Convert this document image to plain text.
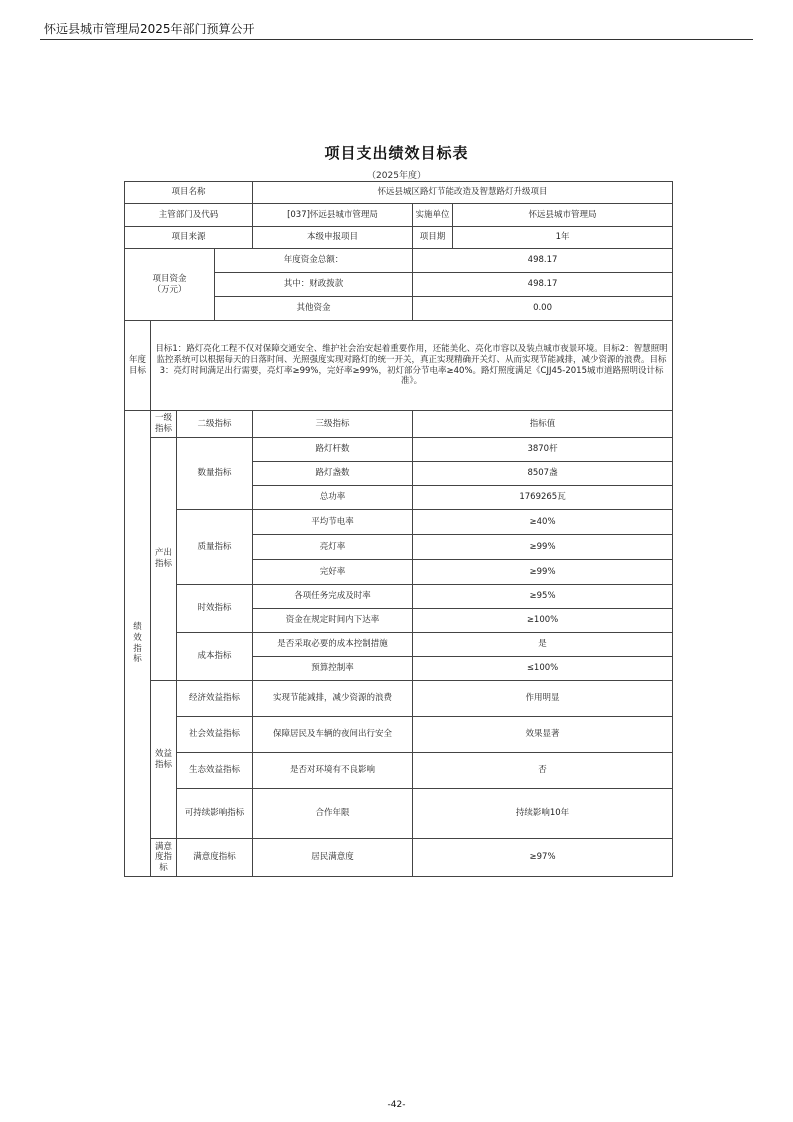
怀远县城市管理局2025年部门预算公开
项目支出绩效目标表
（2025年度）
项目名称				怀远县城区路灯节能改造及智慧路灯升级项目		
主管部门及代码				[037]怀远县城市管理局	实施单位	怀远县城市管理局
项目来源				本级申报项目	项目期	1年
项目资金
（万元）			年度资金总额：		498.17	
			其中：财政拨款		498.17	
			其他资金		0.00	
年度
目标	目标1：路灯亮化工程不仅对保障交通安全、维护社会治安起着重要作用，还能美化、亮化市容以及装点城市夜景环境。目标2：智慧照明监控系统可以根据每天的日落时间、光照强度实现对路灯的统一开关，真正实现精确开关灯、从而实现节能减排，减少资源的浪费。目标3：亮灯时间满足出行需要，亮灯率≥99%，完好率≥99%，初灯部分节电率≥40%。路灯照度满足《CJJ45-2015城市道路照明设计标准》。					
绩
效
指
标	一级
指标	二级指标		三级指标	指标值	
	产出
指标	数量指标		路灯杆数	3870杆	
				路灯盏数	8507盏	
				总功率	1769265瓦	
		质量指标		平均节电率	≥40%	
				亮灯率	≥99%	
				完好率	≥99%	
		时效指标		各项任务完成及时率	≥95%	
				资金在规定时间内下达率	≥100%	
		成本指标		是否采取必要的成本控制措施	是	
				预算控制率	≤100%	
	效益
指标	经济效益指标		实现节能减排，减少资源的浪费	作用明显	
		社会效益指标		保障居民及车辆的夜间出行安全	效果显著	
		生态效益指标		是否对环境有不良影响	否	
		可持续影响指标		合作年限	持续影响10年	
	满意
度指
标	满意度指标		居民满意度	≥97%	
-42-
